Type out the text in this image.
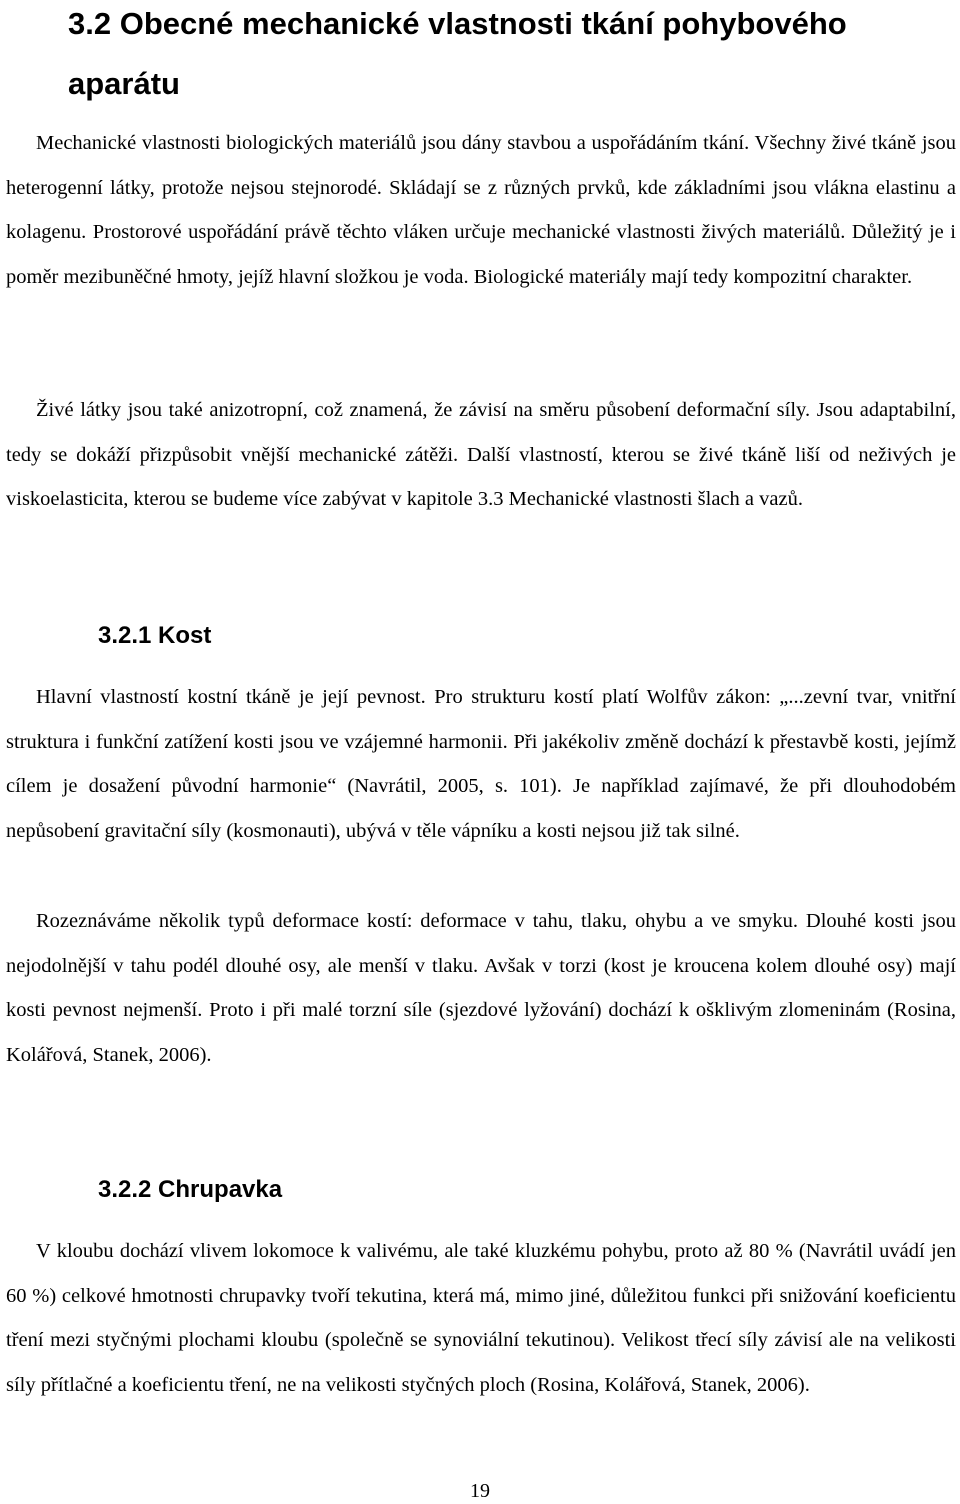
3.2 Obecné mechanické vlastnosti tkání pohybového aparátu

Mechanické vlastnosti biologických materiálů jsou dány stavbou a uspořádáním tkání. Všechny živé tkáně jsou heterogenní látky, protože nejsou stejnorodé. Skládají se z různých prvků, kde základními jsou vlákna elastinu a kolagenu. Prostorové uspořádání právě těchto vláken určuje mechanické vlastnosti živých materiálů. Důležitý je i poměr mezibuněčné hmoty, jejíž hlavní složkou je voda. Biologické materiály mají tedy kompozitní charakter.

Živé látky jsou také anizotropní, což znamená, že závisí na směru působení deformační síly. Jsou adaptabilní, tedy se dokáží přizpůsobit vnější mechanické zátěži. Další vlastností, kterou se živé tkáně liší od neživých je viskoelasticita, kterou se budeme více zabývat v kapitole 3.3 Mechanické vlastnosti šlach a vazů.

3.2.1 Kost

Hlavní vlastností kostní tkáně je její pevnost. Pro strukturu kostí platí Wolfův zákon: „...zevní tvar, vnitřní struktura i funkční zatížení kosti jsou ve vzájemné harmonii. Při jakékoliv změně dochází k přestavbě kosti, jejímž cílem je dosažení původní harmonie“ (Navrátil, 2005, s. 101). Je například zajímavé, že při dlouhodobém nepůsobení gravitační síly (kosmonauti), ubývá v těle vápníku a kosti nejsou již tak silné.

Rozeznáváme několik typů deformace kostí: deformace v tahu, tlaku, ohybu a ve smyku. Dlouhé kosti jsou nejodolnější v tahu podél dlouhé osy, ale menší v tlaku. Avšak v torzi (kost je kroucena kolem dlouhé osy) mají kosti pevnost nejmenší. Proto i při malé torzní síle (sjezdové lyžování) dochází k ošklivým zlomeninám (Rosina, Kolářová, Stanek, 2006).

3.2.2 Chrupavka

V kloubu dochází vlivem lokomoce k valivému, ale také kluzkému pohybu, proto až 80 % (Navrátil uvádí jen 60 %) celkové hmotnosti chrupavky tvoří tekutina, která má, mimo jiné, důležitou funkci při snižování koeficientu tření mezi styčnými plochami kloubu (společně se synoviální tekutinou). Velikost třecí síly závisí ale na velikosti síly přítlačné a koeficientu tření, ne na velikosti styčných ploch (Rosina, Kolářová, Stanek, 2006).

19
